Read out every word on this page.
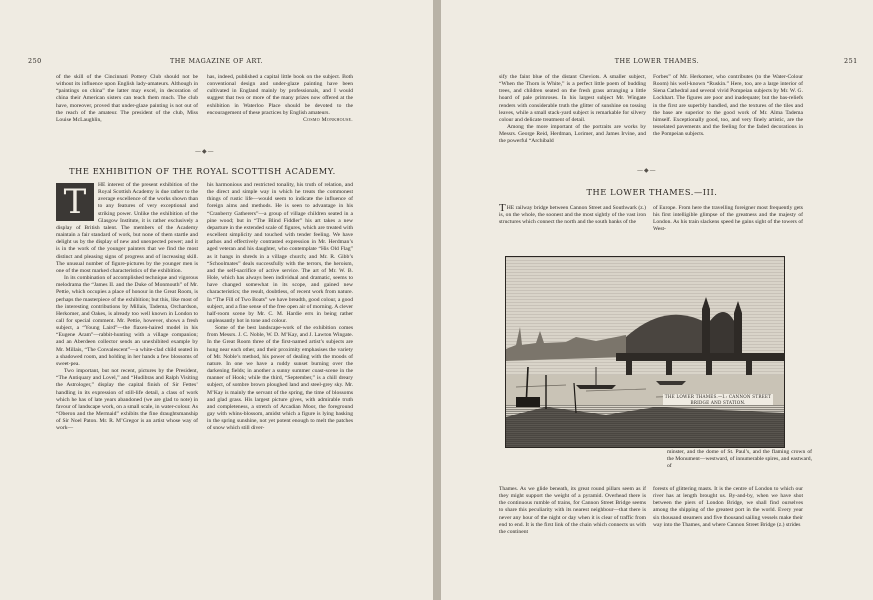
250	THE MAGAZINE OF ART.

of the skill of the Cincinnati Pottery Club should not be without its influence upon English lady-amateurs. Although in “paintings on china” the latter may excel, in decoration of china their American sisters can teach them much. The club have, moreover, proved that under-glaze painting is not out of the reach of the amateur. The president of the club, Miss Louise McLaughlin,

has, indeed, published a capital little book on the subject. Both conventional design and under-glaze painting have been cultivated in England mainly by professionals, and I would suggest that two or more of the many prizes now offered at the exhibition in Waterloo Place should be devoted to the encouragement of these practices by English amateurs.

Cosmo Monkhouse.
—◆—
THE EXHIBITION OF THE ROYAL SCOTTISH ACADEMY.
T	HE interest of the present exhibition of the Royal Scottish Academy is due rather to the average excellence of the works shown than to any features of very exceptional and striking power. Unlike the exhibition of the Glasgow Institute, it is rather exclusively a display of British talent. The members of the Academy maintain a fair standard of work, but none of them startle and delight us by the display of new and unexpected power; and it is in the work of the younger painters that we find the most distinct and pleasing signs of progress and of increasing skill. The unusual number of figure-pictures by the younger men is one of the most marked characteristics of the exhibition.

In its combination of accomplished technique and vigorous melodrama the “James II. and the Duke of Monmouth” of Mr. Pettie, which occupies a place of honour in the Great Room, is perhaps the masterpiece of the exhibition; but this, like most of the interesting contributions by Millais, Tadema, Orchardson, Herkomer, and Oakes, is already too well known in London to call for special comment. Mr. Pettie, however, shows a fresh subject, a “Young Laird”—the flaxen-haired model in his “Eugene Aram”—rabbit-hunting with a village companion; and an Aberdeen collector sends an unexhibited example by Mr. Millais, “The Convalescent”—a white-clad child seated in a shadowed room, and holding in her hands a few blossoms of sweet-pea.

Two important, but not recent, pictures by the President, “The Antiquary and Lovel,” and “Hudibras and Ralph Visiting the Astrologer,” display the capital finish of Sir Fettes’ handling in its expression of still-life detail, a class of work which he has of late years abandoned (we are glad to note) in favour of landscape work, on a small scale, in water-colour. As “Oberon and the Mermaid” exhibits the fine draughtsmanship of Sir Noel Paton. Mr. R. M’Gregor is an artist whose way of work—

his harmonious and restricted tonality, his truth of relation, and the direct and simple way in which he treats the commonest things of rustic life—would seem to indicate the influence of foreign aims and methods. He is seen to advantage in his “Cranberry Gatherers”—a group of village children seated in a pine wood; but in “The Blind Fiddler” his art takes a new departure in the extended scale of figures, which are treated with excellent simplicity and touched with tender feeling. We have pathos and effectively contrasted expression in Mr. Herdman’s aged veteran and his daughter, who contemplate “His Old Flag” as it hangs in shreds in a village church; and Mr. R. Gibb’s “Schoolmates” deals successfully with the terrors, the heroism, and the self-sacrifice of active service. The art of Mr. W. B. Hole, which has always been individual and dramatic, seems to have changed somewhat in its scope, and gained new characteristics; the result, doubtless, of recent work from nature. In “The Fill of Two Boats” we have breadth, good colour, a good subject, and a fine sense of the free open air of morning. A clever half-room scene by Mr. C. M. Hardie errs in being rather unpleasantly hot in tone and colour.

Some of the best landscape-work of the exhibition comes from Messrs. J. C. Noble, W. D. M’Kay, and J. Lawton Wingate. In the Great Room three of the first-named artist’s subjects are hung near each other, and their proximity emphasises the variety of Mr. Noble’s method, his power of dealing with the moods of nature. In one we have a ruddy sunset burning over the darkening fields; in another a sunny summer coast-scene in the manner of Hook; while the third, “September,” is a chill dreary subject, of sombre brown ploughed land and steel-grey sky. Mr. M’Kay is mainly the servant of the spring, the time of blossoms and glad grass. His largest picture gives, with admirable truth and completeness, a stretch of Arcadian Moor, the foreground gay with whins-blossom, amidst which a figure is lying basking in the spring sunshine, not yet potent enough to melt the patches of snow which still diver-

THE LOWER THAMES.	251

sify the faint blue of the distant Cheviots. A smaller subject, “When the Thorn is White,” is a perfect little poem of budding trees, and children seated on the fresh grass arranging a little hoard of pale primroses. In his largest subject Mr. Wingate renders with considerable truth the glitter of sunshine on tossing leaves, while a small stack-yard subject is remarkable for silvery colour and delicate treatment of detail.

Among the more important of the portraits are works by Messrs. George Reid, Herdman, Lorimer, and James Irvine, and the powerful “Archibald

Forbes” of Mr. Herkomer, who contributes (to the Water-Colour Room) his well-known “Ruskin.” Here, too, are a large interior of Siena Cathedral and several vivid Pompeian subjects by Mr. W. G. Lockhart. The figures are poor and inadequate; but the bas-reliefs in the first are superbly handled, and the textures of the tiles and the base are superior to the good work of Mr. Alma Tadema himself. Exceptionally good, too, and very finely artistic, are the tesselated pavements and the feeling for the faded decorations in the Pompeian subjects.

—◆—
THE LOWER THAMES.—III.

THE railway bridge between Cannon Street and Southwark (z.) is, on the whole, the soonest and the most sightly of the vast iron structures which connect the north and the south banks of the

of Europe. From here the travelling foreigner most frequently gets his first intelligible glimpse of the greatness and the majesty of London. As his train slackens speed he gains sight of the towers of West-

THE LOWER THAMES.—I.: CANNON STREET BRIDGE AND STATION.

minster, and the dome of St. Paul’s, and the flaming crown of the Monument—westward, of innumerable spires, and eastward, of

Thames. As we glide beneath, its great round pillars seem as if they might support the weight of a pyramid. Overhead there is the continuous rumble of trains, for Cannon Street Bridge seems to share this peculiarity with its nearest neighbour—that there is never any hour of the night or day when it is clear of traffic from end to end. It is the first link of the chain which connects us with the continent

forests of glittering masts. It is the centre of London to which our river has at length brought us. By-and-by, when we have shot between the piers of London Bridge, we shall find ourselves among the shipping of the greatest port in the world. Every year six thousand steamers and five thousand sailing vessels make their way into the Thames, and where Cannon Street Bridge (z.) strides
